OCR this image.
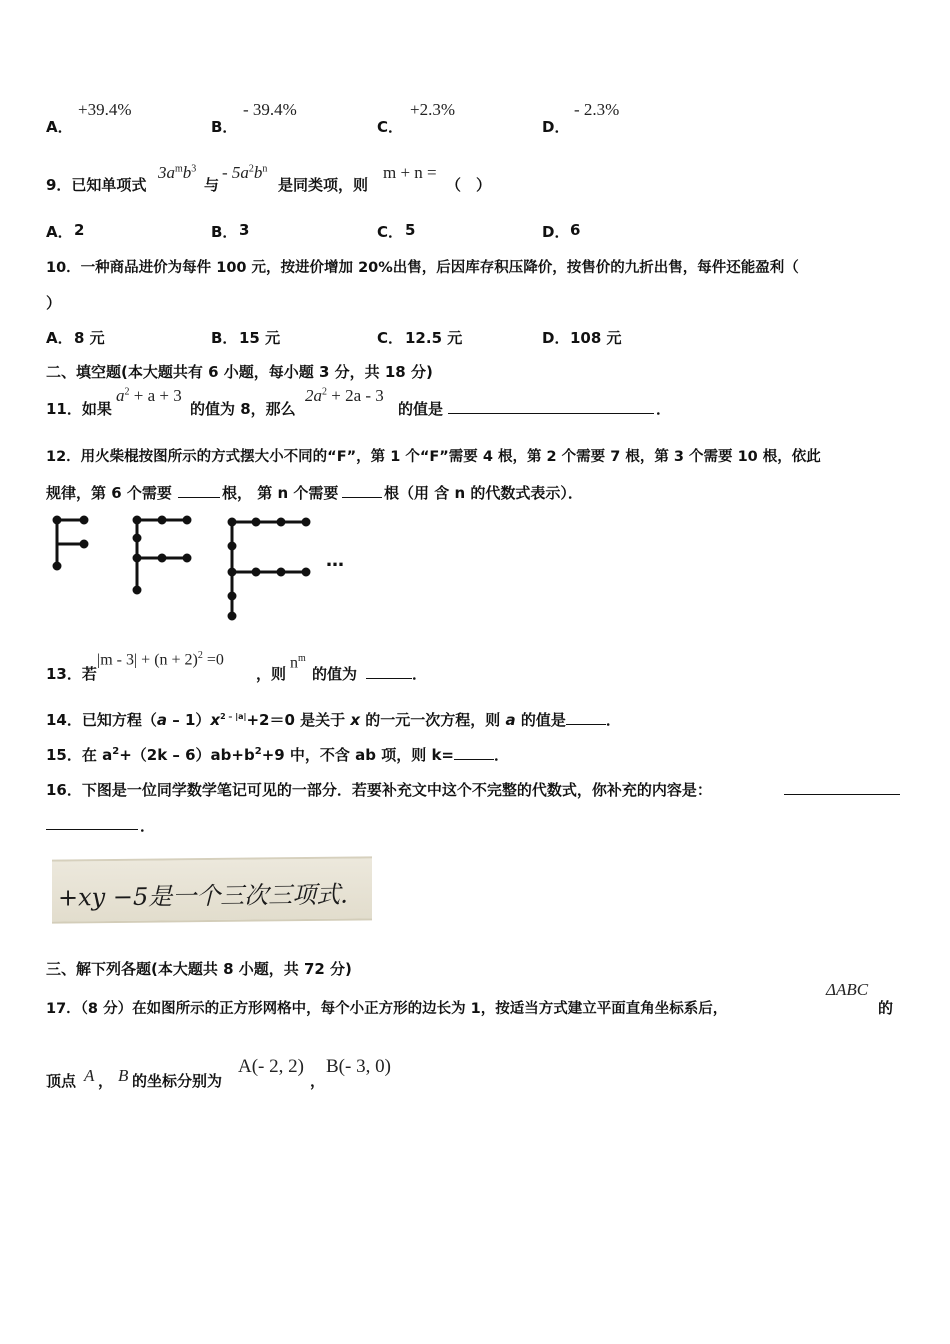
A．
+39.4%
B．
- 39.4%
C．
+2.3%
D．
- 2.3%
9．已知单项式
$3a^mb^3$
与
- $5a^2b^n$
是同类项，则
m + n =
（　）
A． 2	B． 3	C． 5	D． 6
10．一种商品进价为每件 100 元，按进价增加 20%出售，后因库存积压降价，按售价的九折出售，每件还能盈利（
）
A． 8 元	B． 15 元	C． 12.5 元	D． 108 元
二、填空题(本大题共有 6 小题，每小题 3 分，共 18 分)
11．如果
$a^2 + a + 3$
的值为 8，那么
$2a^2 + 2a - 3$
的值是	．
12．用火柴棍按图所示的方式摆大小不同的“F”，第 1 个“F”需要 4 根，第 2 个需要 7 根，第 3 个需要 10 根，依此
规律，第 6 个需要	根， 第 n 个需要	根（用 含 n 的代数式表示）．
…
13．若
$|m - 3| + (n + 2)^2 =0$
，则
$n^m$
的值为	．
14．已知方程$(a - 1)x^{2 - |a|}+2=0$ 是关于 x 的一元一次方程，则 a 的值是	．
15．在 $a^2+(2k - 6)ab+b^2+9$ 中，不含 ab 项，则 k=	．
16．下图是一位同学数学笔记可见的一部分．若要补充文中这个不完整的代数式，你补充的内容是：
．
+xy −5是一个三次三项式.
三、解下列各题(本大题共 8 小题，共 72 分)
17．（8 分）在如图所示的正方形网格中，每个小正方形的边长为 1，按适当方式建立平面直角坐标系后，
ΔABC
的
顶点 A ， B 的坐标分别为
A(- 2, 2)
，
B(- 3, 0)
